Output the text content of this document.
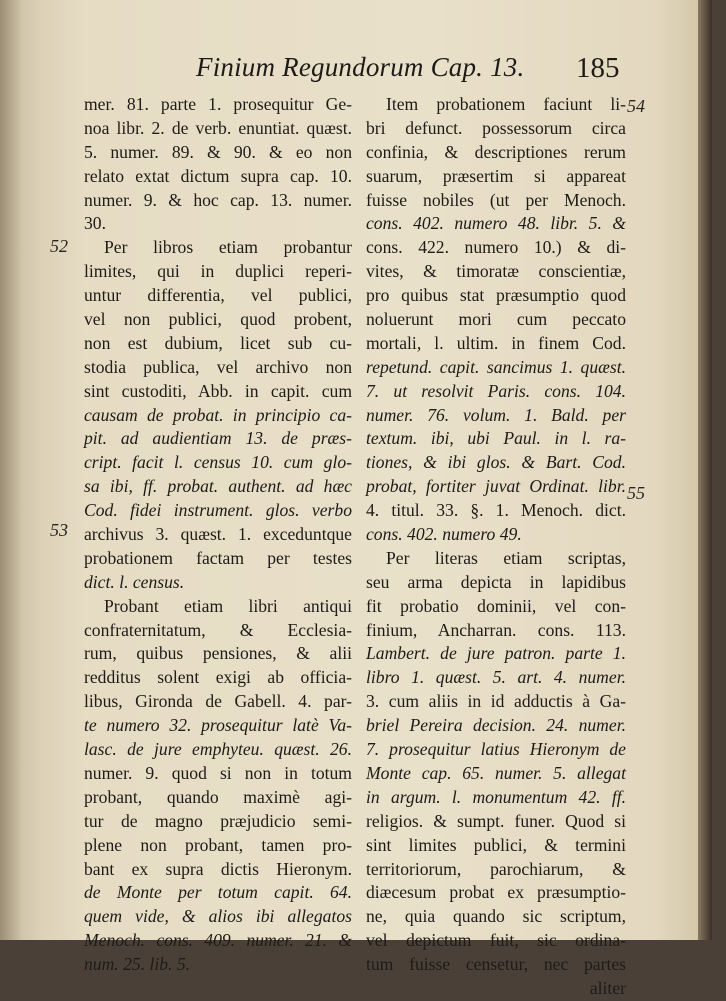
Finium Regundorum Cap. 13. 185
52
53
54
55
mer. 81. parte 1. prosequitur Ge-
noa libr. 2. de verb. enuntiat. quæst.
5. numer. 89. & 90. & eo non
relato extat dictum supra cap. 10.
numer. 9. & hoc cap. 13. numer.
30.
Per libros etiam probantur
limites, qui in duplici reperi-
untur differentia, vel publici,
vel non publici, quod probent,
non est dubium, licet sub cu-
stodia publica, vel archivo non
sint custoditi, Abb. in capit. cum
causam de probat. in principio ca-
pit. ad audientiam 13. de præs-
cript. facit l. census 10. cum glo-
sa ibi, ff. probat. authent. ad hæc
Cod. fidei instrument. glos. verbo
archivus 3. quæst. 1. exceduntque
probationem factam per testes
dict. l. census.
Probant etiam libri antiqui
confraternitatum, & Ecclesia-
rum, quibus pensiones, & alii
redditus solent exigi ab officia-
libus, Gironda de Gabell. 4. par-
te numero 32. prosequitur latè Va-
lasc. de jure emphyteu. quæst. 26.
numer. 9. quod si non in totum
probant, quando maximè agi-
tur de magno præjudicio semi-
plene non probant, tamen pro-
bant ex supra dictis Hieronym.
de Monte per totum capit. 64.
quem vide, & alios ibi allegatos
Menoch. cons. 409. numer. 21. &
num. 25. lib. 5.
Item probationem faciunt li-
bri defunct. possessorum circa
confinia, & descriptiones rerum
suarum, præsertim si appareat
fuisse nobiles (ut per Menoch.
cons. 402. numero 48. libr. 5. &
cons. 422. numero 10.) & di-
vites, & timoratæ conscientiæ,
pro quibus stat præsumptio quod
noluerunt mori cum peccato
mortali, l. ultim. in finem Cod.
repetund. capit. sancimus 1. quæst.
7. ut resolvit Paris. cons. 104.
numer. 76. volum. 1. Bald. per
textum. ibi, ubi Paul. in l. ra-
tiones, & ibi glos. & Bart. Cod.
probat, fortiter juvat Ordinat. libr.
4. titul. 33. §. 1. Menoch. dict.
cons. 402. numero 49.
Per literas etiam scriptas,
seu arma depicta in lapidibus
fit probatio dominii, vel con-
finium, Ancharran. cons. 113.
Lambert. de jure patron. parte 1.
libro 1. quæst. 5. art. 4. numer.
3. cum aliis in id adductis à Ga-
briel Pereira decision. 24. numer.
7. prosequitur latius Hieronym de
Monte cap. 65. numer. 5. allegat
in argum. l. monumentum 42. ff.
religios. & sumpt. funer. Quod si
sint limites publici, & termini
territoriorum, parochiarum, &
diæcesum probat ex præsumptio-
ne, quia quando sic scriptum,
vel depictum fuit, sic ordina-
tum fuisse censetur, nec partes
aliter
